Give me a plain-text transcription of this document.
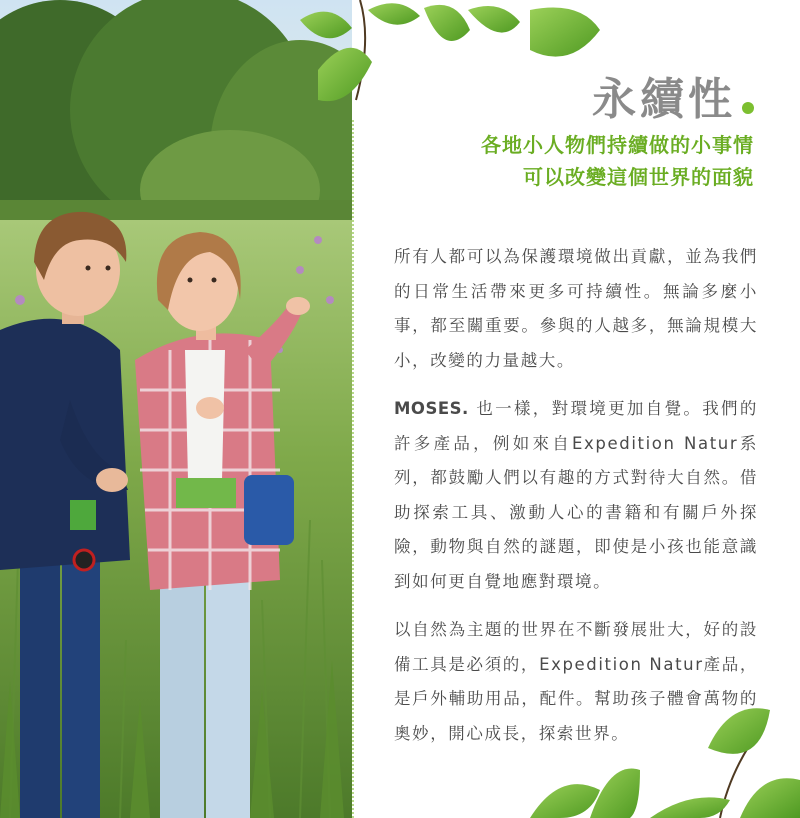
永續性
各地小人物們持續做的小事情
可以改變這個世界的面貌

所有人都可以為保護環境做出貢獻，並為我們的日常生活帶來更多可持續性。無論多麼小事，都至關重要。參與的人越多，無論規模大小，改變的力量越大。

MOSES. 也一樣，對環境更加自覺。我們的許多產品，例如來自Expedition Natur系列，都鼓勵人們以有趣的方式對待大自然。借助探索工具、激動人心的書籍和有關戶外探險，動物與自然的謎題，即使是小孩也能意識到如何更自覺地應對環境。

以自然為主題的世界在不斷發展壯大，好的設備工具是必須的，Expedition Natur產品，是戶外輔助用品，配件。幫助孩子體會萬物的奧妙，開心成長，探索世界。
